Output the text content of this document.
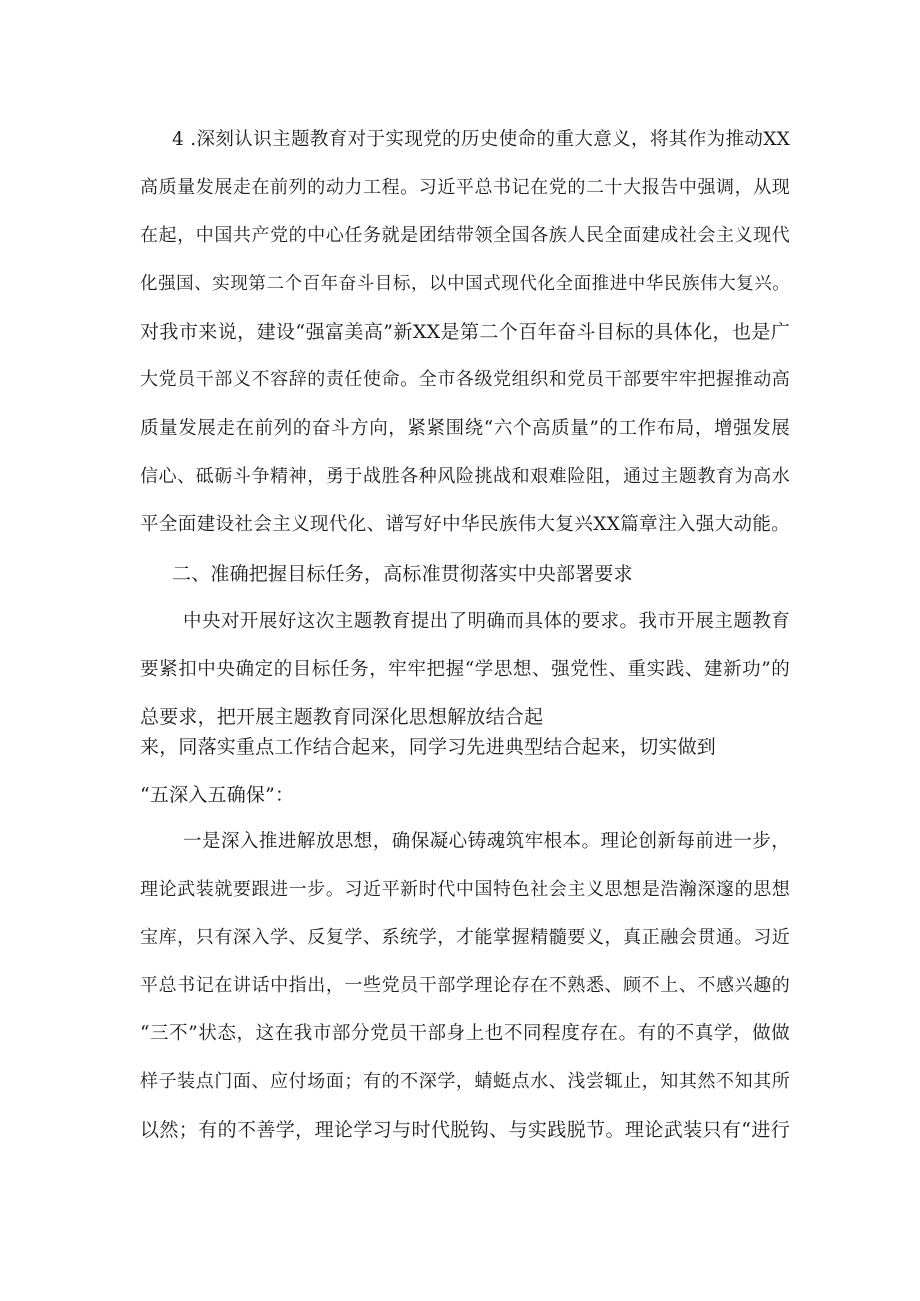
4 .深刻认识主题教育对于实现党的历史使命的重大意义，将其作为推动XX
高质量发展走在前列的动力工程。习近平总书记在党的二十大报告中强调，从现
在起，中国共产党的中心任务就是团结带领全国各族人民全面建成社会主义现代
化强国、实现第二个百年奋斗目标，以中国式现代化全面推进中华民族伟大复兴。
对我市来说，建设“强富美高”新XX是第二个百年奋斗目标的具体化，也是广
大党员干部义不容辞的责任使命。全市各级党组织和党员干部要牢牢把握推动高
质量发展走在前列的奋斗方向，紧紧围绕“六个高质量”的工作布局，增强发展
信心、砥砺斗争精神，勇于战胜各种风险挑战和艰难险阻，通过主题教育为高水
平全面建设社会主义现代化、谱写好中华民族伟大复兴XX篇章注入强大动能。
二、准确把握目标任务，高标准贯彻落实中央部署要求
中央对开展好这次主题教育提出了明确而具体的要求。我市开展主题教育
要紧扣中央确定的目标任务，牢牢把握“学思想、强党性、重实践、建新功”的
总要求，把开展主题教育同深化思想解放结合起
来，同落实重点工作结合起来，同学习先进典型结合起来，切实做到
“五深入五确保”：
一是深入推进解放思想，确保凝心铸魂筑牢根本。理论创新每前进一步，
理论武装就要跟进一步。习近平新时代中国特色社会主义思想是浩瀚深邃的思想
宝库，只有深入学、反复学、系统学，才能掌握精髓要义，真正融会贯通。习近
平总书记在讲话中指出，一些党员干部学理论存在不熟悉、顾不上、不感兴趣的
“三不”状态，这在我市部分党员干部身上也不同程度存在。有的不真学，做做
样子装点门面、应付场面；有的不深学，蜻蜓点水、浅尝辄止，知其然不知其所
以然；有的不善学，理论学习与时代脱钩、与实践脱节。理论武装只有“进行
